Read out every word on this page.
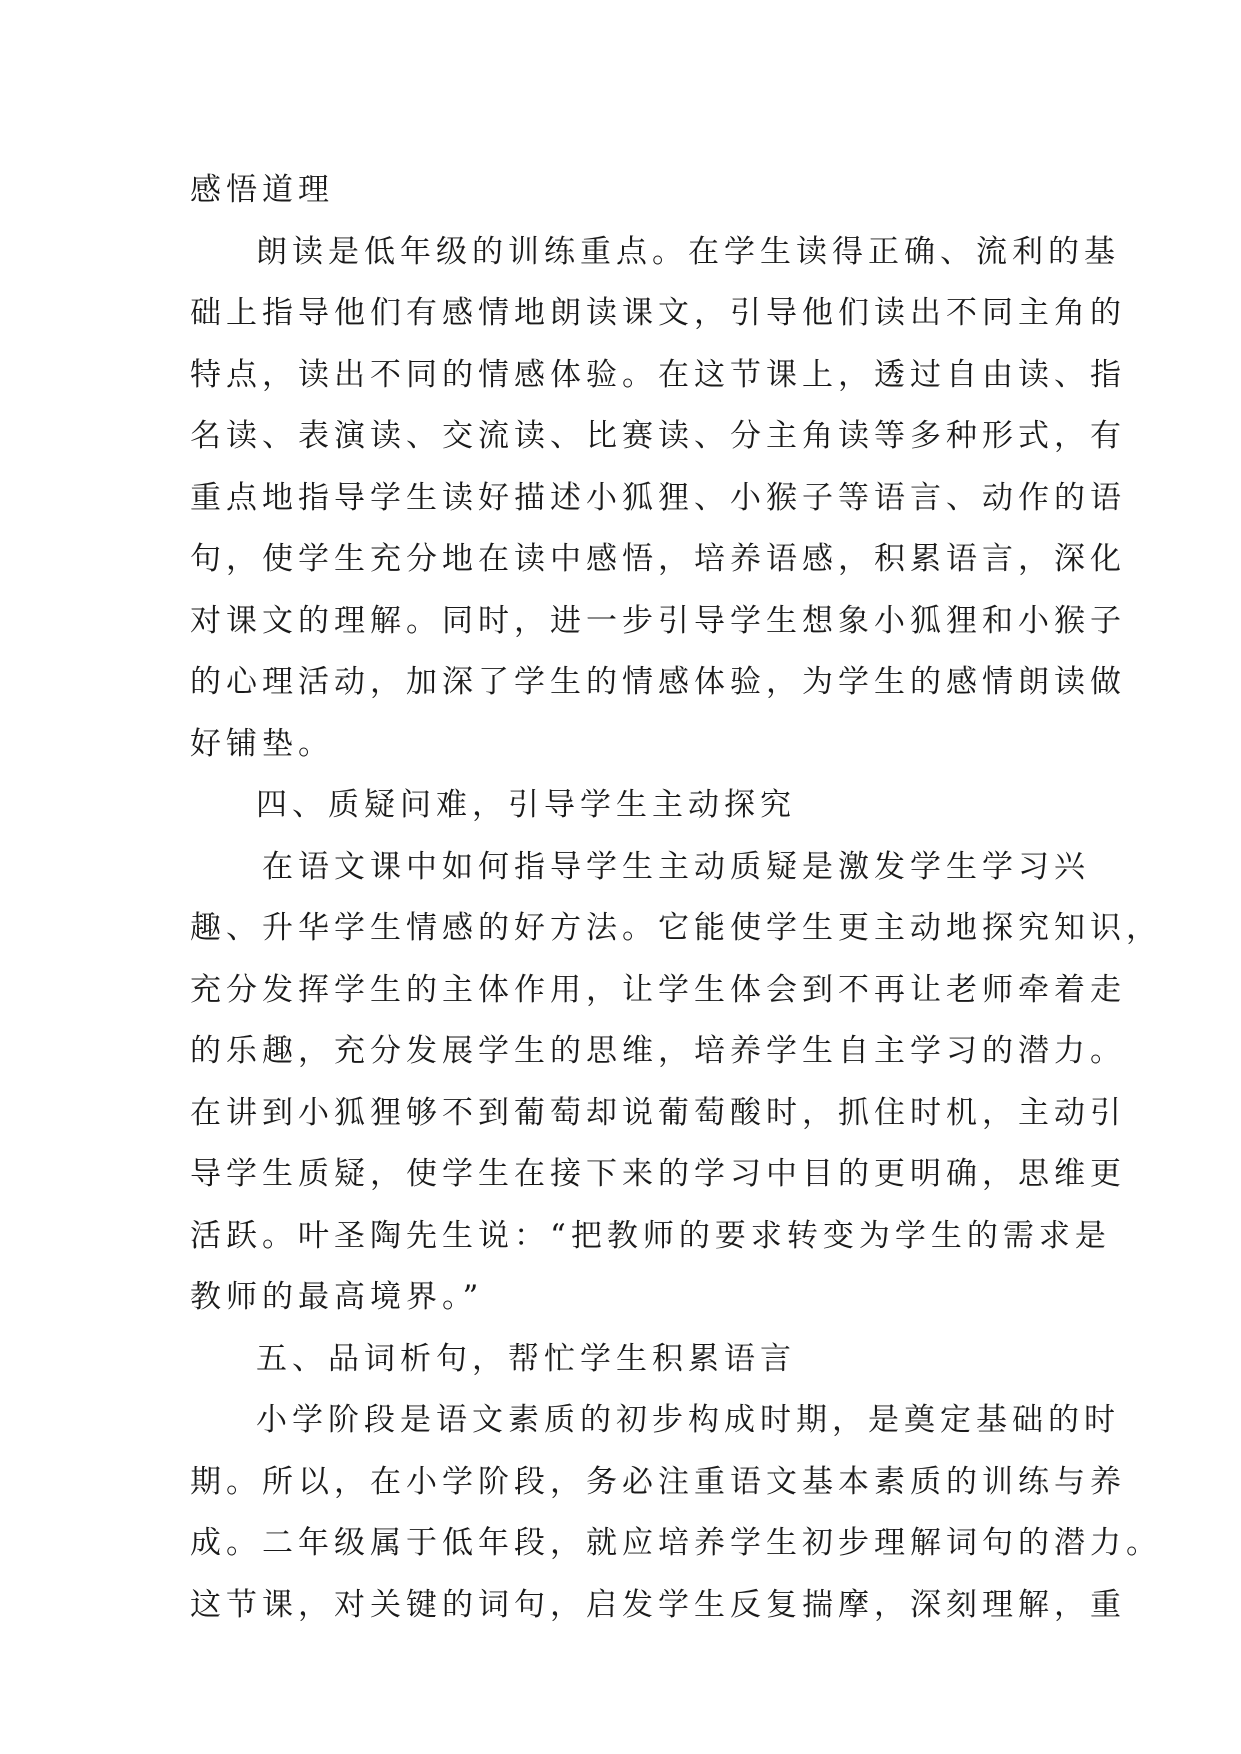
感悟道理
朗读是低年级的训练重点。在学生读得正确、流利的基
础上指导他们有感情地朗读课文，引导他们读出不同主角的
特点，读出不同的情感体验。在这节课上，透过自由读、指
名读、表演读、交流读、比赛读、分主角读等多种形式，有
重点地指导学生读好描述小狐狸、小猴子等语言、动作的语
句，使学生充分地在读中感悟，培养语感，积累语言，深化
对课文的理解。同时，进一步引导学生想象小狐狸和小猴子
的心理活动，加深了学生的情感体验，为学生的感情朗读做
好铺垫。
四、质疑问难，引导学生主动探究
在语文课中如何指导学生主动质疑是激发学生学习兴
趣、升华学生情感的好方法。它能使学生更主动地探究知识，
充分发挥学生的主体作用，让学生体会到不再让老师牵着走
的乐趣，充分发展学生的思维，培养学生自主学习的潜力。
在讲到小狐狸够不到葡萄却说葡萄酸时，抓住时机，主动引
导学生质疑，使学生在接下来的学习中目的更明确，思维更
活跃。叶圣陶先生说：“把教师的要求转变为学生的需求是
教师的最高境界。”
五、品词析句，帮忙学生积累语言
小学阶段是语文素质的初步构成时期，是奠定基础的时
期。所以，在小学阶段，务必注重语文基本素质的训练与养
成。二年级属于低年段，就应培养学生初步理解词句的潜力。
这节课，对关键的词句，启发学生反复揣摩，深刻理解，重
